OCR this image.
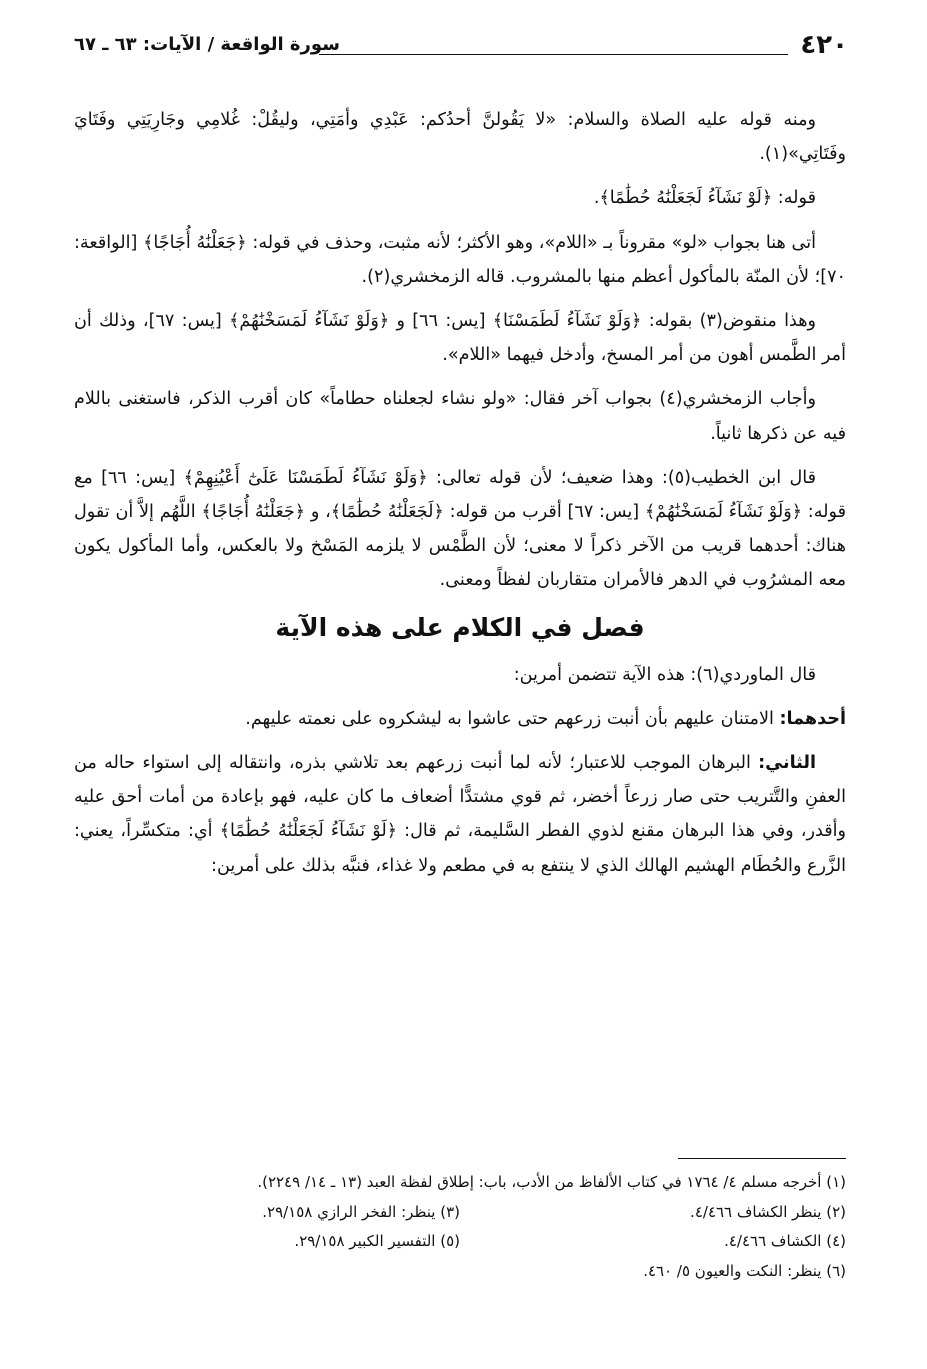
٤٢٠
سورة الواقعة / الآيات: ٦٣ ـ ٦٧

ومنه قوله عليه الصلاة والسلام: «لا يَقُولنَّ أحدُكم: عَبْدِي وأمَتِي، وليقُلْ: غُلامِي وجَارِيَتِي وفَتَايَ وفَتَاتِي»(١).

قوله: ﴿لَوْ نَشَآءُ لَجَعَلْنَٰهُ حُطَٰمًا﴾.

أتى هنا بجواب «لو» مقروناً بـ «اللام»، وهو الأكثر؛ لأنه مثبت، وحذف في قوله: ﴿جَعَلْنَٰهُ أُجَاجًا﴾ [الواقعة: ٧٠]؛ لأن المنّة بالمأكول أعظم منها بالمشروب. قاله الزمخشري(٢).

وهذا منقوض(٣) بقوله: ﴿وَلَوْ نَشَآءُ لَطَمَسْنَا﴾ [يس: ٦٦] و ﴿وَلَوْ نَشَآءُ لَمَسَخْنَٰهُمْ﴾ [يس: ٦٧]، وذلك أن أمر الطَّمس أهون من أمر المسخ، وأدخل فيهما «اللام».

وأجاب الزمخشري(٤) بجواب آخر فقال: «ولو نشاء لجعلناه حطاماً» كان أقرب الذكر، فاستغنى باللام فيه عن ذكرها ثانياً.

قال ابن الخطيب(٥): وهذا ضعيف؛ لأن قوله تعالى: ﴿وَلَوْ نَشَآءُ لَطَمَسْنَا عَلَىٰٓ أَعْيُنِهِمْ﴾ [يس: ٦٦] مع قوله: ﴿وَلَوْ نَشَآءُ لَمَسَخْنَٰهُمْ﴾ [يس: ٦٧] أقرب من قوله: ﴿لَجَعَلْنَٰهُ حُطَٰمًا﴾، و ﴿جَعَلْنَٰهُ أُجَاجًا﴾ اللَّهُم إلاَّ أن تقول هناك: أحدهما قريب من الآخر ذكراً لا معنى؛ لأن الطَّمْس لا يلزمه المَسْخ ولا بالعكس، وأما المأكول يكون معه المشرُوب في الدهر فالأمران متقاربان لفظاً ومعنى.

فصل في الكلام على هذه الآية

قال الماوردي(٦): هذه الآية تتضمن أمرين:

أحدهما: الامتنان عليهم بأن أنبت زرعهم حتى عاشوا به ليشكروه على نعمته عليهم.

الثاني: البرهان الموجب للاعتبار؛ لأنه لما أنبت زرعهم بعد تلاشي بذره، وانتقاله إلى استواء حاله من العفنِ والتَّتريب حتى صار زرعاً أخضر، ثم قوي مشتدًّا أضعاف ما كان عليه، فهو بإعادة من أمات أحق عليه وأقدر، وفي هذا البرهان مقنع لذوي الفطر السَّليمة، ثم قال: ﴿لَوْ نَشَآءُ لَجَعَلْنَٰهُ حُطَٰمًا﴾ أي: متكسِّراً، يعني: الزَّرع والحُطَام الهشيم الهالك الذي لا ينتفع به في مطعم ولا غذاء، فنبَّه بذلك على أمرين:

(١) أخرجه مسلم ٤/ ١٧٦٤ في كتاب الألفاظ من الأدب، باب: إطلاق لفظة العبد (١٣ ـ ١٤/ ٢٢٤٩).
(٢) ينظر الكشاف ٤/٤٦٦.
(٣) ينظر: الفخر الرازي ٢٩/١٥٨.
(٤) الكشاف ٤/٤٦٦.
(٥) التفسير الكبير ٢٩/١٥٨.
(٦) ينظر: النكت والعيون ٥/ ٤٦٠.
